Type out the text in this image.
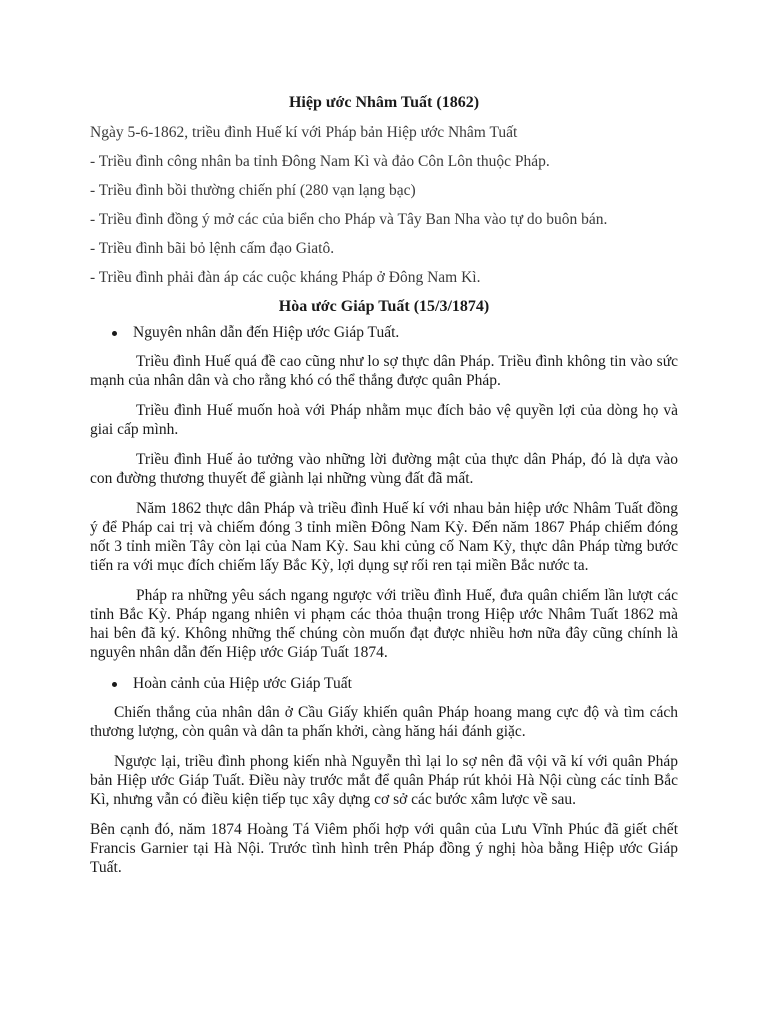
Hiệp ước Nhâm Tuất (1862)

Ngày 5-6-1862, triều đình Huế kí với Pháp bản Hiệp ước Nhâm Tuất

- Triều đình công nhân ba tỉnh Đông Nam Kì và đảo Côn Lôn thuộc Pháp.

- Triều đình bồi thường chiến phí (280 vạn lạng bạc)

- Triều đình đồng ý mở các của biển cho Pháp và Tây Ban Nha vào tự do buôn bán.

- Triều đình bãi bỏ lệnh cấm đạo Giatô.

- Triều đình phải đàn áp các cuộc kháng Pháp ở Đông Nam Kì.

Hòa ước Giáp Tuất (15/3/1874)
Nguyên nhân dẫn đến Hiệp ước Giáp Tuất.

Triều đình Huế quá đề cao cũng như lo sợ thực dân Pháp. Triều đình không tin vào sức mạnh của nhân dân và cho rằng khó có thể thắng được quân Pháp.

Triều đình Huế muốn hoà với Pháp nhằm mục đích bảo vệ quyền lợi của dòng họ và giai cấp mình.

Triều đình Huế ảo tưởng vào những lời đường mật của thực dân Pháp, đó là dựa vào con đường thương thuyết để giành lại những vùng đất đã mất.

Năm 1862 thực dân Pháp và triều đình Huế kí với nhau bản hiệp ước Nhâm Tuất đồng ý để Pháp cai trị và chiếm đóng 3 tỉnh miền Đông Nam Kỳ. Đến năm 1867 Pháp chiếm đóng nốt 3 tỉnh miền Tây còn lại của Nam Kỳ. Sau khi củng cố Nam Kỳ, thực dân Pháp từng bước tiến ra với mục đích chiếm lấy Bắc Kỳ, lợi dụng sự rối ren tại miền Bắc nước ta.

Pháp ra những yêu sách ngang ngược với triều đình Huế, đưa quân chiếm lần lượt các tỉnh Bắc Kỳ. Pháp ngang nhiên vi phạm các thỏa thuận trong Hiệp ước Nhâm Tuất 1862 mà hai bên đã ký. Không những thế chúng còn muốn đạt được nhiều hơn nữa đây cũng chính là nguyên nhân dẫn đến Hiệp ước Giáp Tuất 1874.

Hoàn cảnh của Hiệp ước Giáp Tuất

Chiến thắng của nhân dân ở Cầu Giấy khiến quân Pháp hoang mang cực độ và tìm cách thương lượng, còn quân và dân ta phấn khởi, càng hăng hái đánh giặc.

Ngược lại, triều đình phong kiến nhà Nguyễn thì lại lo sợ nên đã vội vã kí với quân Pháp bản Hiệp ước Giáp Tuất. Điều này trước mắt để quân Pháp rút khỏi Hà Nội cùng các tỉnh Bắc Kì, nhưng vẫn có điều kiện tiếp tục xây dựng cơ sở các bước xâm lược về sau.

Bên cạnh đó, năm 1874 Hoàng Tá Viêm phối hợp với quân của Lưu Vĩnh Phúc đã giết chết Francis Garnier tại Hà Nội. Trước tình hình trên Pháp đồng ý nghị hòa bằng Hiệp ước Giáp Tuất.
